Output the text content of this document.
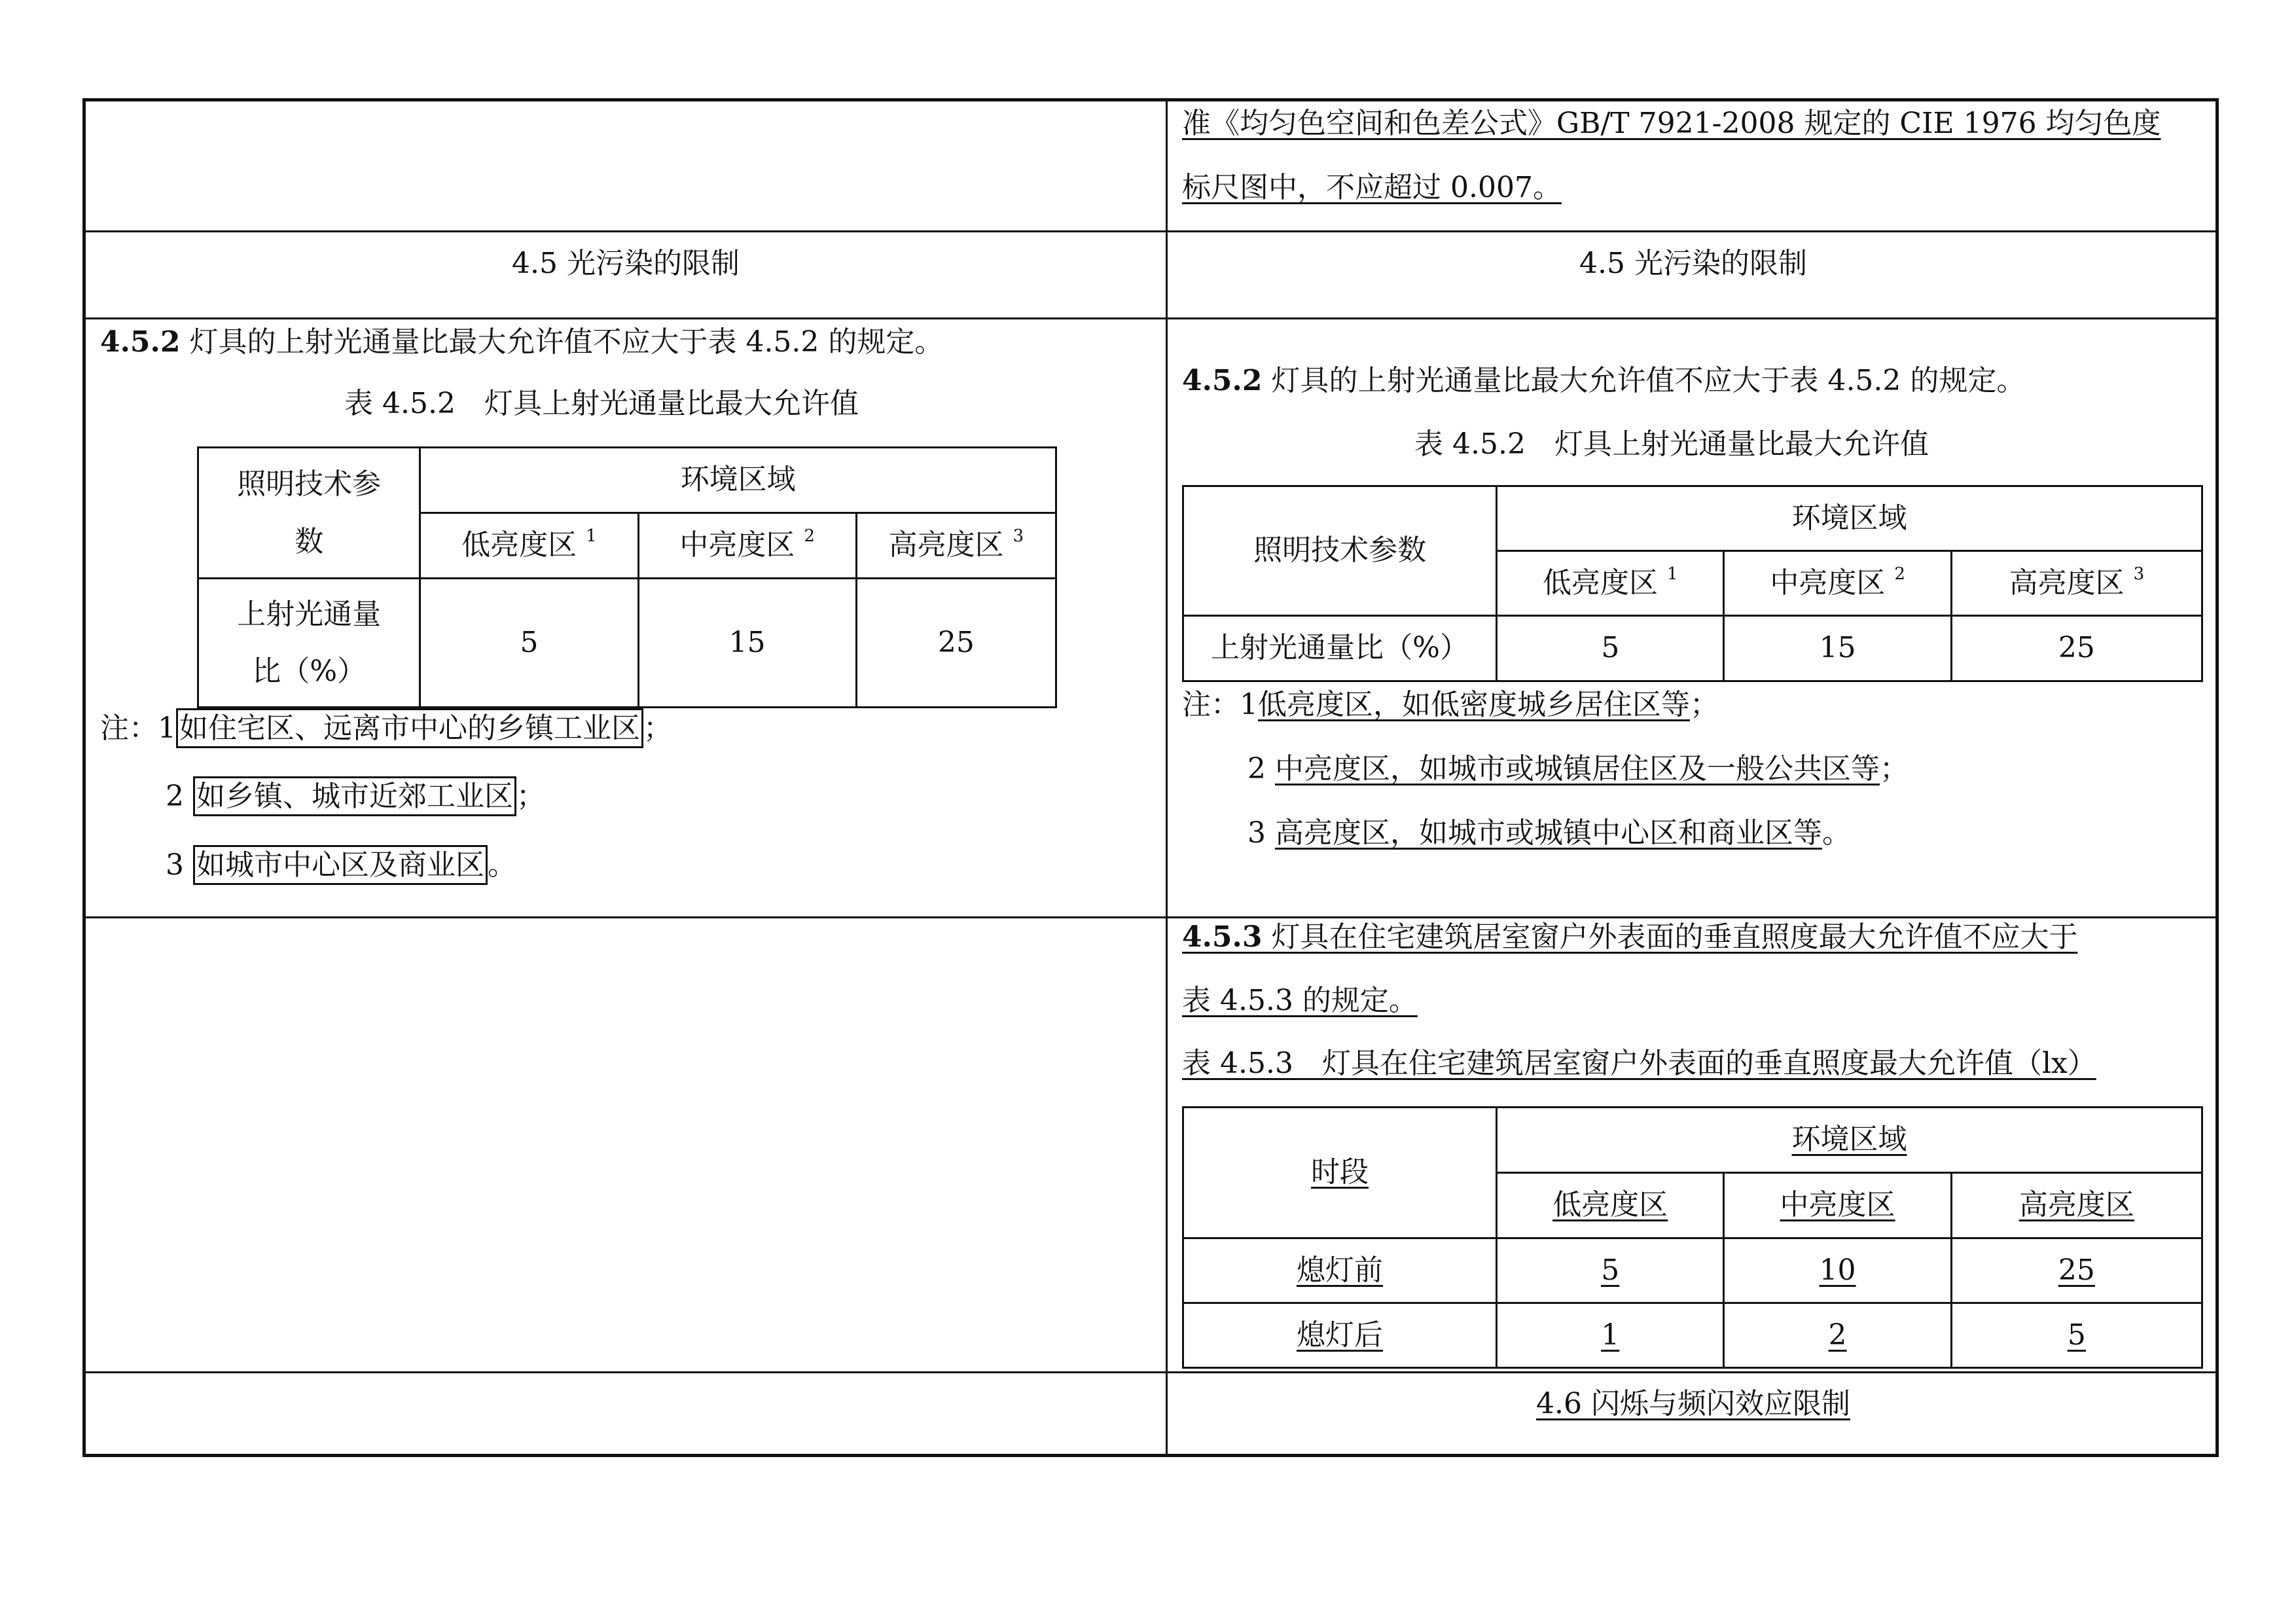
准《均匀色空间和色差公式》GB/T 7921-2008 规定的 CIE 1976 均匀色度
标尺图中，不应超过 0.007。
4.5 光污染的限制	4.5 光污染的限制
4.5.2 灯具的上射光通量比最大允许值不应大于表 4.5.2 的规定。
表 4.5.2　灯具上射光通量比最大允许值
照明技术参
数	环境区域		
	低亮度区 $^1$	中亮度区 $^2$	高亮度区 $^3$

上射光通量
比（%）	5	15	25
注：1 如住宅区、远离市中心的乡镇工业区 ；
2 如乡镇、城市近郊工业区 ；
3 如城市中心区及商业区 。
4.5.2 灯具的上射光通量比最大允许值不应大于表 4.5.2 的规定。
表 4.5.2　灯具上射光通量比最大允许值
照明技术参数	环境区域		
	低亮度区 $^1$	中亮度区 $^2$	高亮度区 $^3$
上射光通量比（%）	5	15	25
注：1低亮度区，如低密度城乡居住区等；
2 中亮度区，如城市或城镇居住区及一般公共区等；
3 高亮度区，如城市或城镇中心区和商业区等。
4.5.3 灯具在住宅建筑居室窗户外表面的垂直照度最大允许值不应大于
表 4.5.3 的规定。
表 4.5.3　灯具在住宅建筑居室窗户外表面的垂直照度最大允许值（lx）
时段	环境区域		
	低亮度区	中亮度区	高亮度区
熄灯前	5	10	25
熄灯后	1	2	5
4.6 闪烁与频闪效应限制
